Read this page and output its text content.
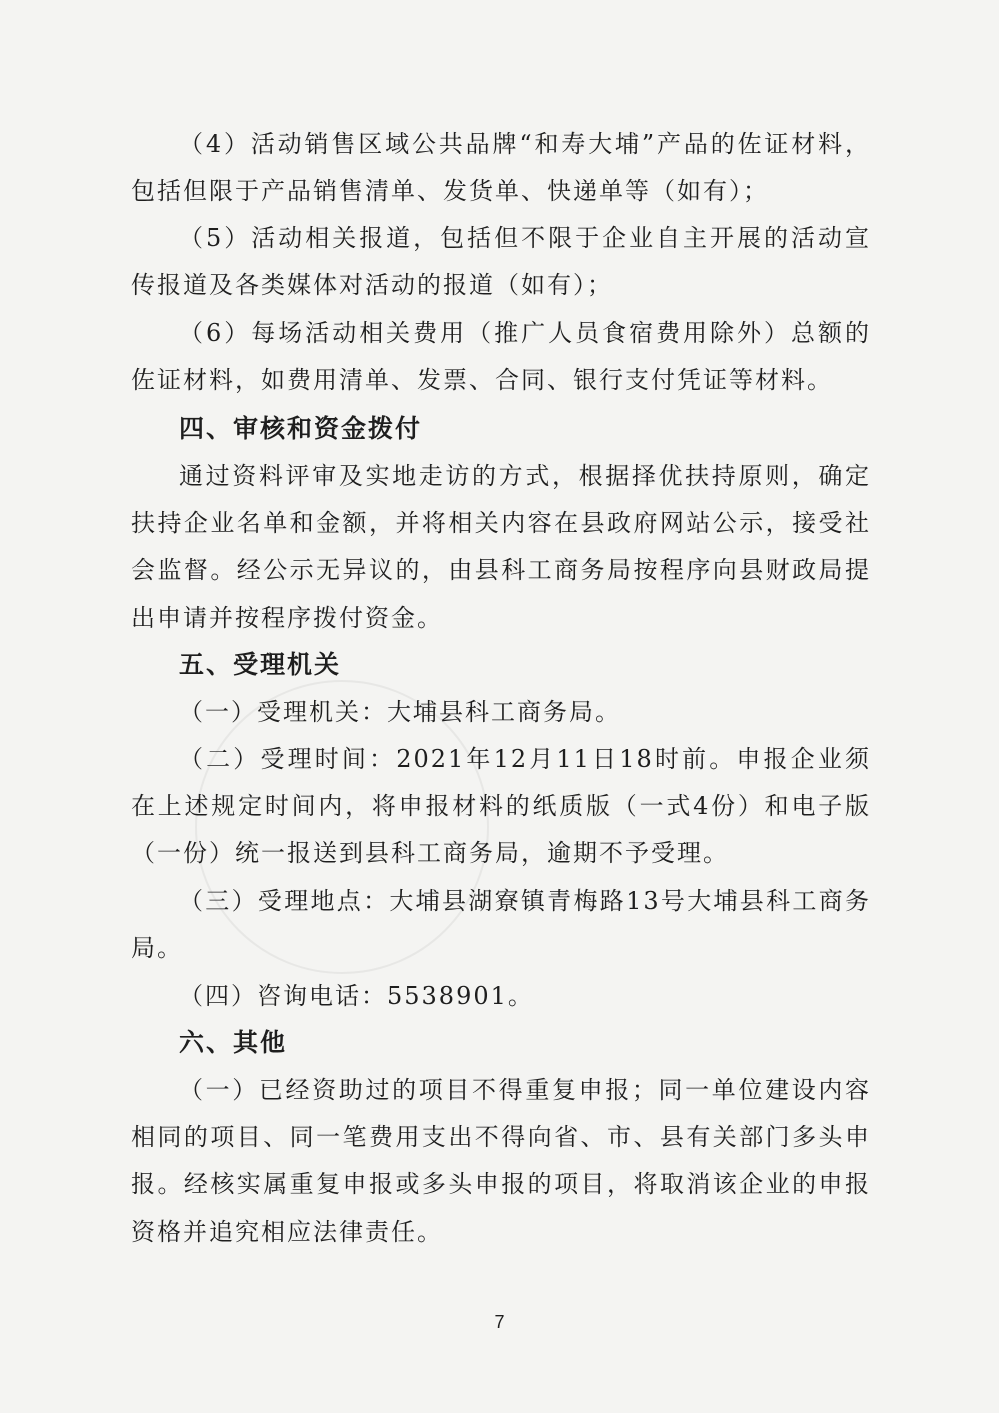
（4）活动销售区域公共品牌“和寿大埔”产品的佐证材料，包括但限于产品销售清单、发货单、快递单等（如有）；

（5）活动相关报道，包括但不限于企业自主开展的活动宣传报道及各类媒体对活动的报道（如有）；

（6）每场活动相关费用（推广人员食宿费用除外）总额的佐证材料，如费用清单、发票、合同、银行支付凭证等材料。

四、审核和资金拨付

通过资料评审及实地走访的方式，根据择优扶持原则，确定扶持企业名单和金额，并将相关内容在县政府网站公示，接受社会监督。经公示无异议的，由县科工商务局按程序向县财政局提出申请并按程序拨付资金。

五、受理机关

（一）受理机关：大埔县科工商务局。

（二）受理时间：2021年12月11日18时前。申报企业须在上述规定时间内，将申报材料的纸质版（一式4份）和电子版（一份）统一报送到县科工商务局，逾期不予受理。

（三）受理地点：大埔县湖寮镇青梅路13号大埔县科工商务局。

（四）咨询电话：5538901。

六、其他

（一）已经资助过的项目不得重复申报；同一单位建设内容相同的项目、同一笔费用支出不得向省、市、县有关部门多头申报。经核实属重复申报或多头申报的项目，将取消该企业的申报资格并追究相应法律责任。

7
